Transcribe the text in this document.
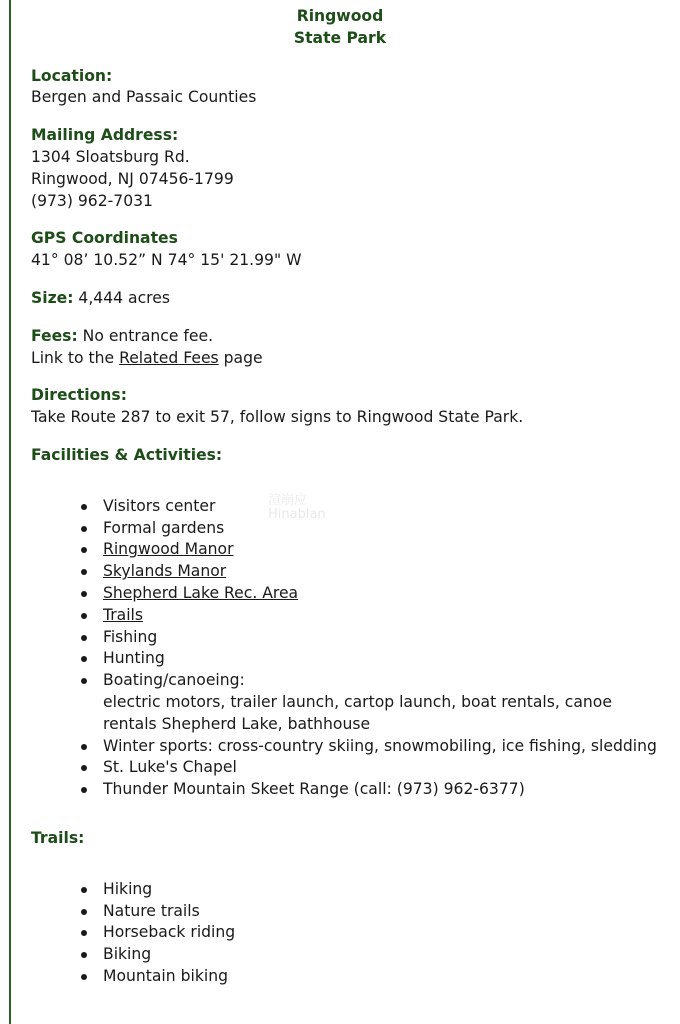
Ringwood
State Park
Location:
Bergen and Passaic Counties
Mailing Address:
1304 Sloatsburg Rd.
Ringwood, NJ 07456-1799
(973) 962-7031
GPS Coordinates
41° 08’ 10.52” N 74° 15' 21.99" W
Size: 4,444 acres
Fees: No entrance fee.
Link to the Related Fees page
Directions:
Take Route 287 to exit 57, follow signs to Ringwood State Park.
Facilities & Activities:
Visitors center
Formal gardens
Ringwood Manor
Skylands Manor
Shepherd Lake Rec. Area
Trails
Fishing
Hunting
Boating/canoeing:
electric motors, trailer launch, cartop launch, boat rentals, canoe rentals Shepherd Lake, bathhouse
Winter sports: cross-country skiing, snowmobiling, ice fishing, sledding
St. Luke's Chapel
Thunder Mountain Skeet Range (call: (973) 962-6377)
Trails:
Hiking
Nature trails
Horseback riding
Biking
Mountain biking
渲崩应
Hinablan
